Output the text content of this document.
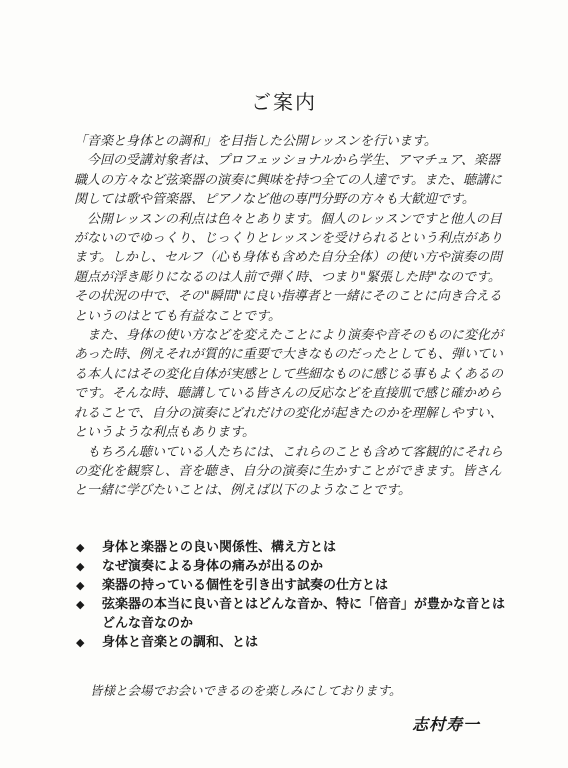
ご案内

「音楽と身体との調和」を目指した公開レッスンを行います。

　今回の受講対象者は、プロフェッショナルから学生、アマチュア、楽器職人の方々など弦楽器の演奏に興味を持つ全ての人達です。また、聴講に関しては歌や管楽器、ピアノなど他の専門分野の方々も大歓迎です。

　公開レッスンの利点は色々とあります。個人のレッスンですと他人の目がないのでゆっくり、じっくりとレッスンを受けられるという利点があります。しかし、セルフ（心も身体も含めた自分全体）の使い方や演奏の問題点が浮き彫りになるのは人前で弾く時、つまり"緊張した時"なのです。その状況の中で、その"瞬間"に良い指導者と一緒にそのことに向き合えるというのはとても有益なことです。

　また、身体の使い方などを変えたことにより演奏や音そのものに変化があった時、例えそれが質的に重要で大きなものだったとしても、弾いている本人にはその変化自体が実感として些細なものに感じる事もよくあるのです。そんな時、聴講している皆さんの反応などを直接肌で感じ確かめられることで、自分の演奏にどれだけの変化が起きたのかを理解しやすい、というような利点もあります。

　もちろん聴いている人たちには、これらのことも含めて客観的にそれらの変化を観察し、音を聴き、自分の演奏に生かすことができます。皆さんと一緒に学びたいことは、例えば以下のようなことです。

◆	身体と楽器との良い関係性、構え方とは
◆	なぜ演奏による身体の痛みが出るのか
◆	楽器の持っている個性を引き出す試奏の仕方とは
◆	弦楽器の本当に良い音とはどんな音か、特に「倍音」が豊かな音とはどんな音なのか
◆	身体と音楽との調和、とは
皆様と会場でお会いできるのを楽しみにしております。
志村寿一
